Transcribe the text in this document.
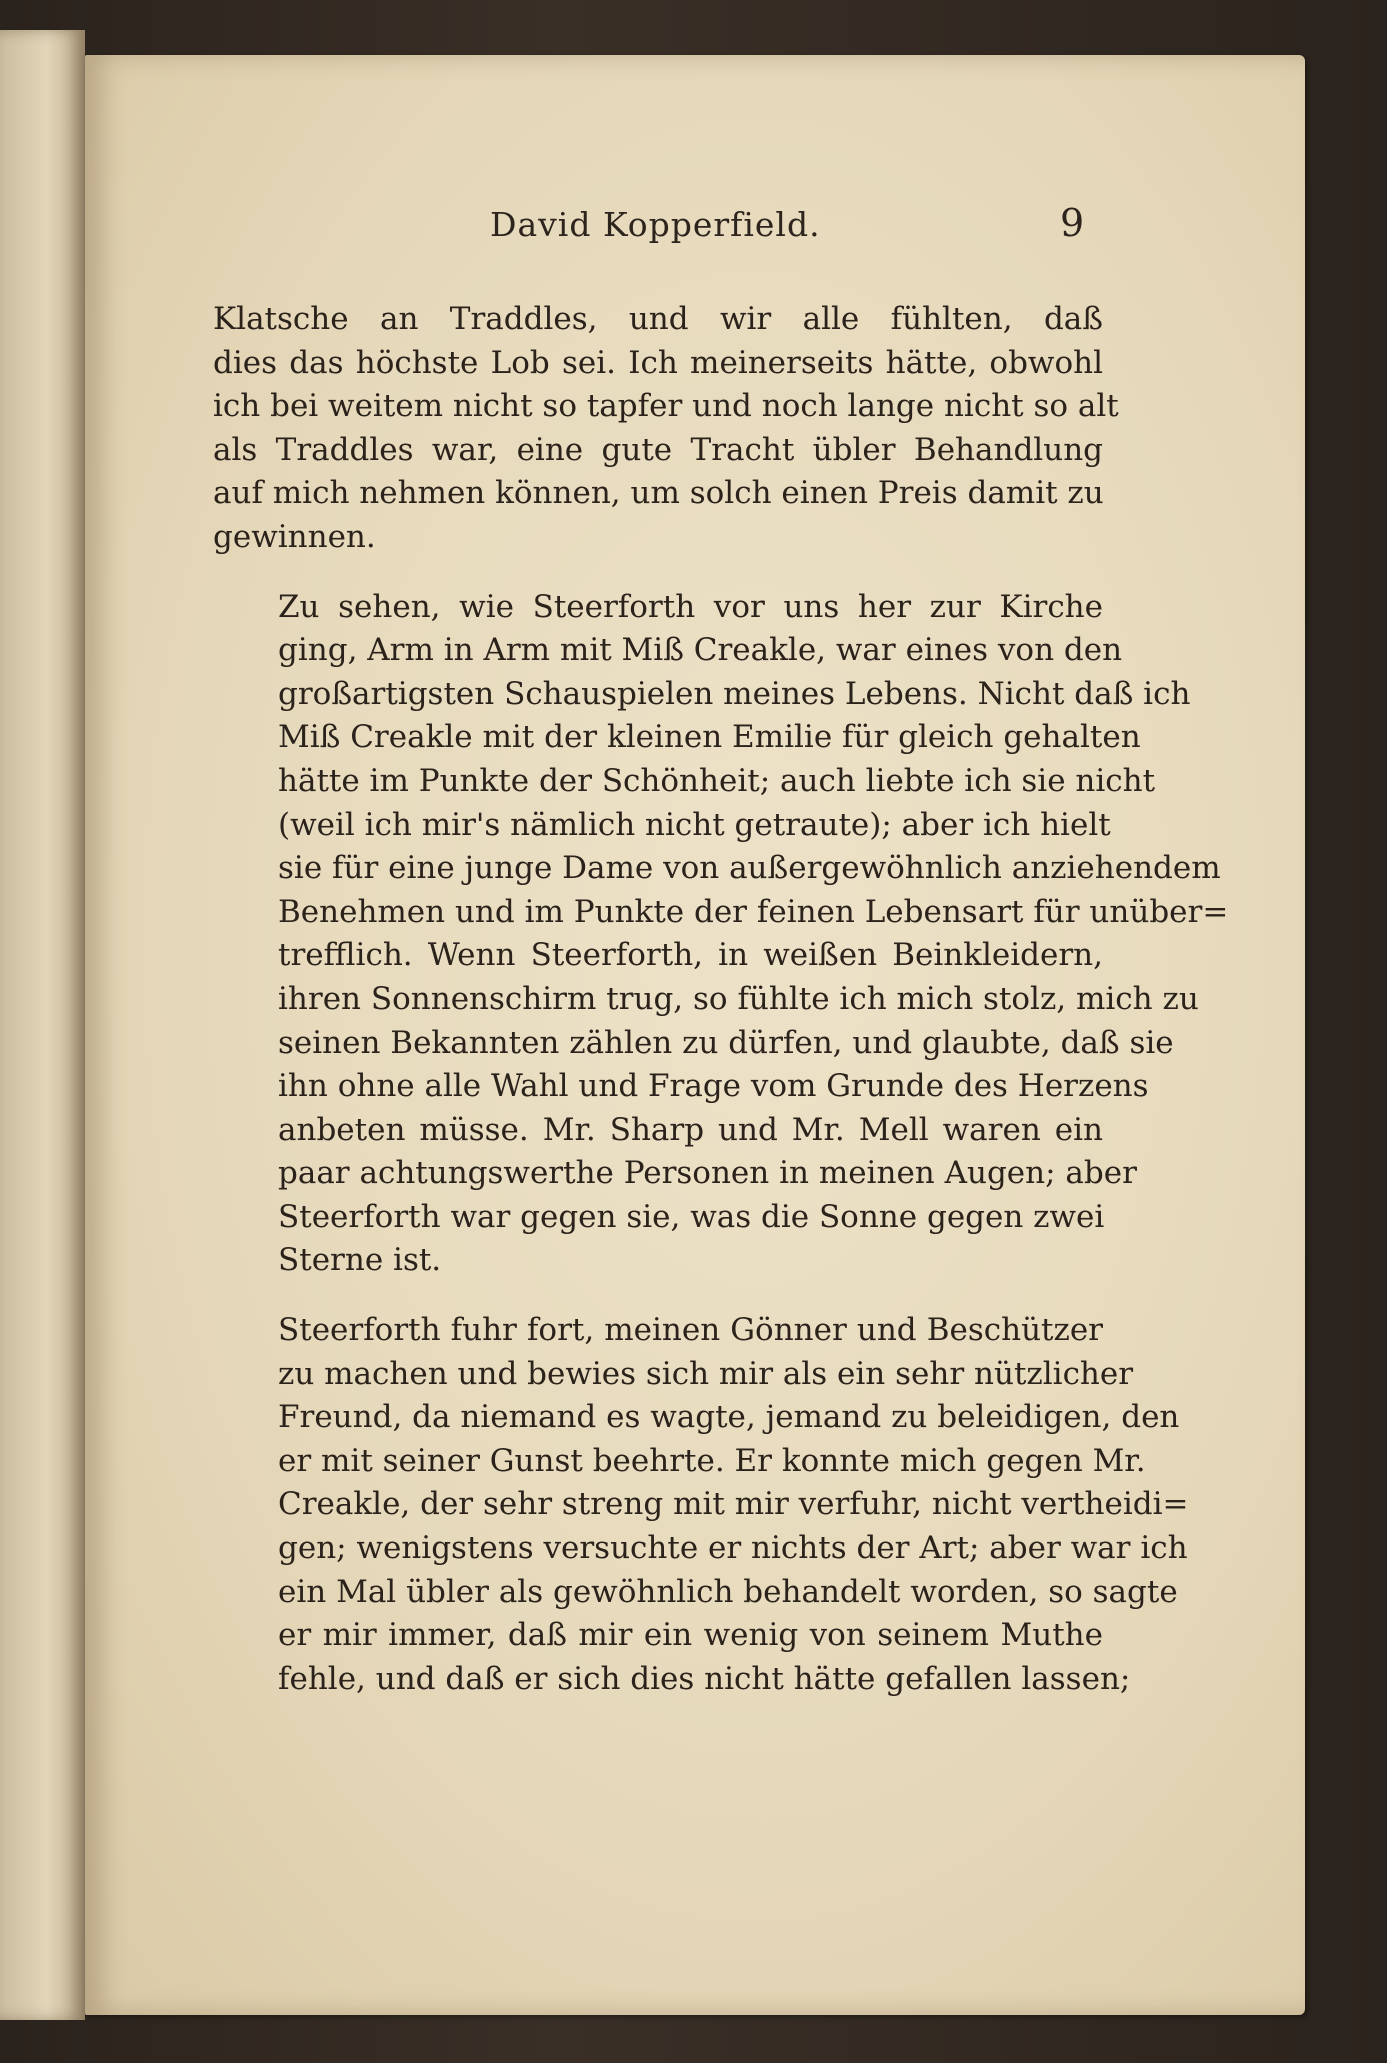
David Kopperfield.	9

Klatsche an Traddles, und wir alle fühlten, daß
dies das höchste Lob sei. Ich meinerseits hätte, obwohl
ich bei weitem nicht so tapfer und noch lange nicht so alt
als Traddles war, eine gute Tracht übler Behandlung
auf mich nehmen können, um solch einen Preis damit zu
gewinnen.

Zu sehen, wie Steerforth vor uns her zur Kirche
ging, Arm in Arm mit Miß Creakle, war eines von den
großartigsten Schauspielen meines Lebens. Nicht daß ich
Miß Creakle mit der kleinen Emilie für gleich gehalten
hätte im Punkte der Schönheit; auch liebte ich sie nicht
(weil ich mir's nämlich nicht getraute); aber ich hielt
sie für eine junge Dame von außergewöhnlich anziehendem
Benehmen und im Punkte der feinen Lebensart für unüber=
trefflich. Wenn Steerforth, in weißen Beinkleidern,
ihren Sonnenschirm trug, so fühlte ich mich stolz, mich zu
seinen Bekannten zählen zu dürfen, und glaubte, daß sie
ihn ohne alle Wahl und Frage vom Grunde des Herzens
anbeten müsse. Mr. Sharp und Mr. Mell waren ein
paar achtungswerthe Personen in meinen Augen; aber
Steerforth war gegen sie, was die Sonne gegen zwei
Sterne ist.

Steerforth fuhr fort, meinen Gönner und Beschützer
zu machen und bewies sich mir als ein sehr nützlicher
Freund, da niemand es wagte, jemand zu beleidigen, den
er mit seiner Gunst beehrte. Er konnte mich gegen Mr.
Creakle, der sehr streng mit mir verfuhr, nicht vertheidi=
gen; wenigstens versuchte er nichts der Art; aber war ich
ein Mal übler als gewöhnlich behandelt worden, so sagte
er mir immer, daß mir ein wenig von seinem Muthe
fehle, und daß er sich dies nicht hätte gefallen lassen;
